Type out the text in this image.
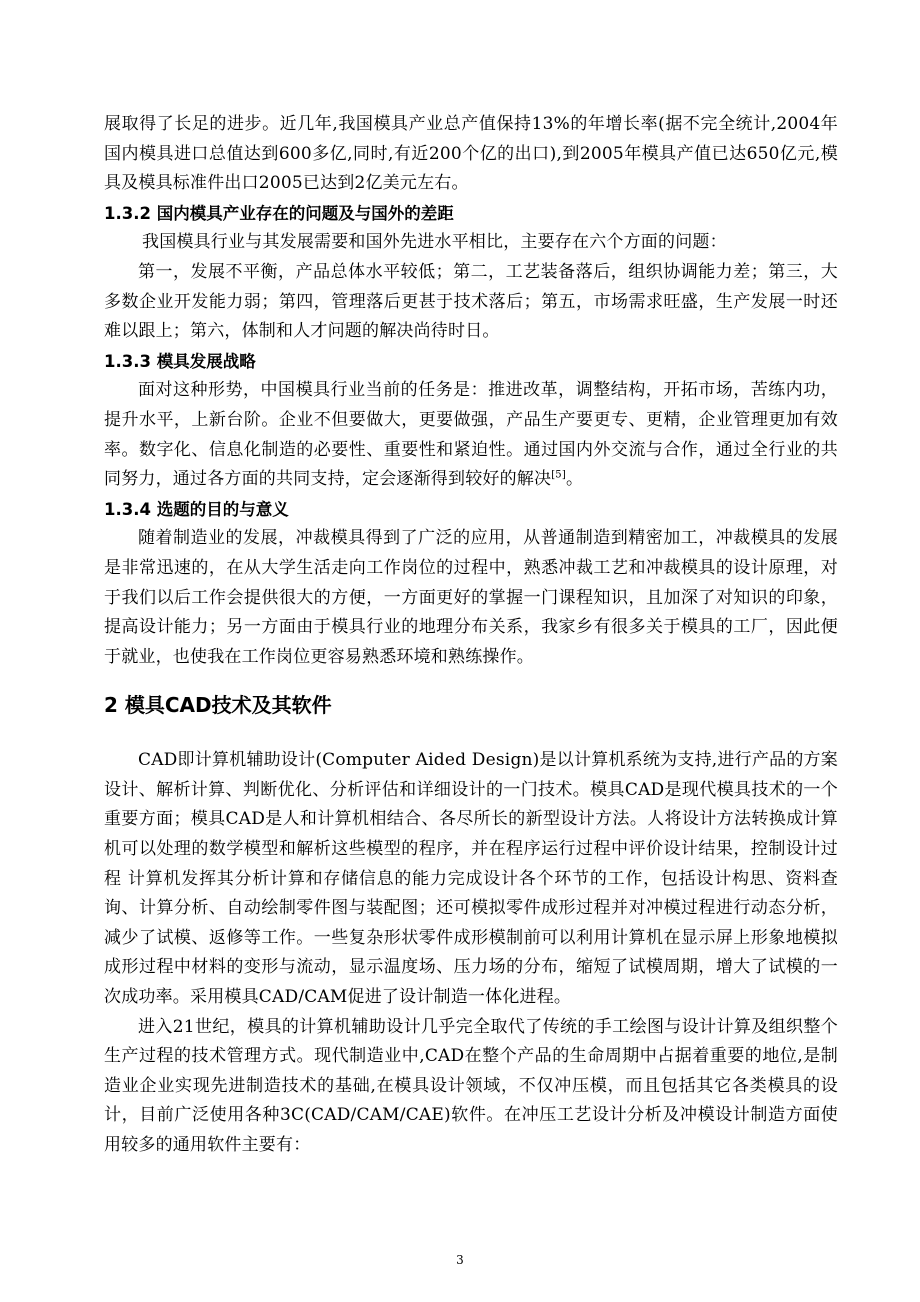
展取得了长足的进步。近几年,我国模具产业总产值保持13%的年增长率(据不完全统计,2004年国内模具进口总值达到600多亿,同时,有近200个亿的出口),到2005年模具产值已达650亿元,模具及模具标准件出口2005已达到2亿美元左右。

1.3.2 国内模具产业存在的问题及与国外的差距

我国模具行业与其发展需要和国外先进水平相比，主要存在六个方面的问题：

第一，发展不平衡，产品总体水平较低；第二，工艺装备落后，组织协调能力差；第三，大多数企业开发能力弱；第四，管理落后更甚于技术落后；第五，市场需求旺盛，生产发展一时还难以跟上；第六，体制和人才问题的解决尚待时日。

1.3.3 模具发展战略

面对这种形势，中国模具行业当前的任务是：推进改革，调整结构，开拓市场，苦练内功，提升水平，上新台阶。企业不但要做大，更要做强，产品生产要更专、更精，企业管理更加有效率。数字化、信息化制造的必要性、重要性和紧迫性。通过国内外交流与合作，通过全行业的共同努力，通过各方面的共同支持，定会逐渐得到较好的解决[5]。

1.3.4 选题的目的与意义

随着制造业的发展，冲裁模具得到了广泛的应用，从普通制造到精密加工，冲裁模具的发展是非常迅速的，在从大学生活走向工作岗位的过程中，熟悉冲裁工艺和冲裁模具的设计原理，对于我们以后工作会提供很大的方便，一方面更好的掌握一门课程知识，且加深了对知识的印象，提高设计能力；另一方面由于模具行业的地理分布关系，我家乡有很多关于模具的工厂，因此便于就业，也使我在工作岗位更容易熟悉环境和熟练操作。

2 模具CAD技术及其软件

CAD即计算机辅助设计(Computer Aided Design)是以计算机系统为支持,进行产品的方案设计、解析计算、判断优化、分析评估和详细设计的一门技术。模具CAD是现代模具技术的一个重要方面；模具CAD是人和计算机相结合、各尽所长的新型设计方法。人将设计方法转换成计算机可以处理的数学模型和解析这些模型的程序，并在程序运行过程中评价设计结果，控制设计过程 计算机发挥其分析计算和存储信息的能力完成设计各个环节的工作，包括设计构思、资料查询、计算分析、自动绘制零件图与装配图；还可模拟零件成形过程并对冲模过程进行动态分析，减少了试模、返修等工作。一些复杂形状零件成形模制前可以利用计算机在显示屏上形象地模拟成形过程中材料的变形与流动，显示温度场、压力场的分布，缩短了试模周期，增大了试模的一次成功率。采用模具CAD/CAM促进了设计制造一体化进程。

进入21世纪，模具的计算机辅助设计几乎完全取代了传统的手工绘图与设计计算及组织整个生产过程的技术管理方式。现代制造业中,CAD在整个产品的生命周期中占据着重要的地位,是制造业企业实现先进制造技术的基础,在模具设计领域，不仅冲压模，而且包括其它各类模具的设计，目前广泛使用各种3C(CAD/CAM/CAE)软件。在冲压工艺设计分析及冲模设计制造方面使用较多的通用软件主要有：

3
